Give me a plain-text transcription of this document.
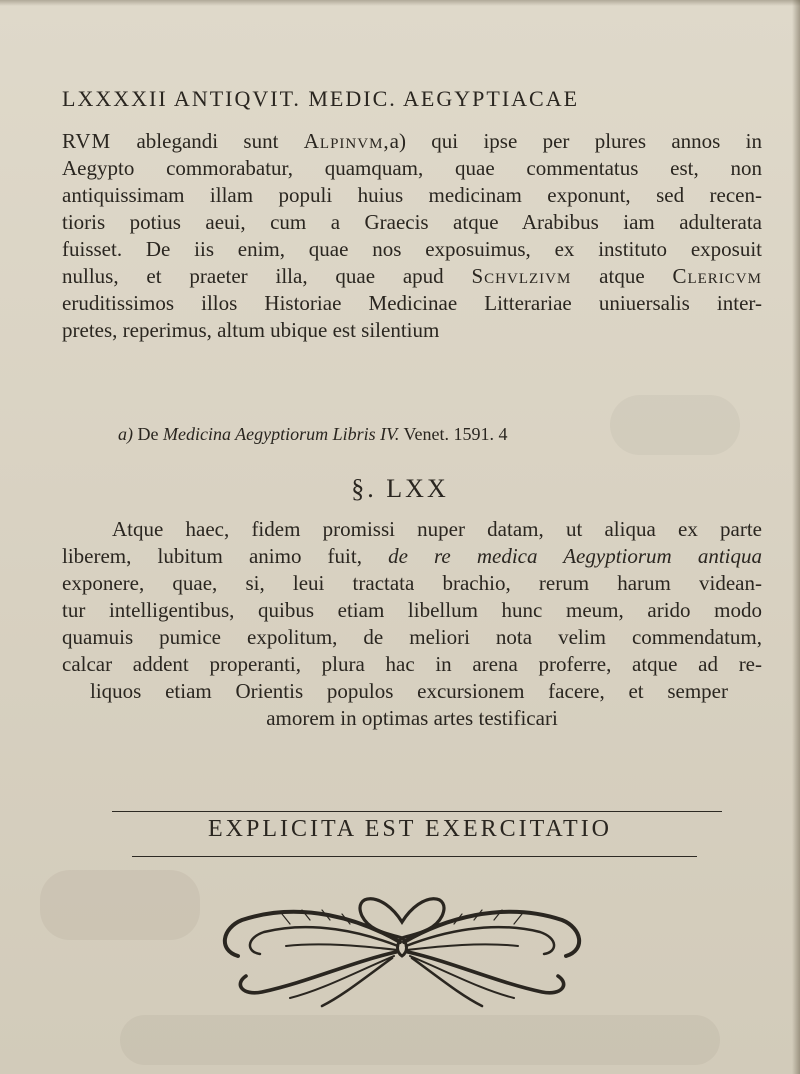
LXXXXII ANTIQVIT. MEDIC. AEGYPTIACAE
RVM ablegandi sunt Alpinvm,a) qui ipse per plures annos in
Aegypto commorabatur, quamquam, quae commentatus est, non
antiquissimam illam populi huius medicinam exponunt, sed recen-
tioris potius aeui, cum a Graecis atque Arabibus iam adulterata
fuisset. De iis enim, quae nos exposuimus, ex instituto exposuit
nullus, et praeter illa, quae apud Schvlzivm atque Clericvm
eruditissimos illos Historiae Medicinae Litterariae uniuersalis inter-
pretes, reperimus, altum ubique est silentium
a) De Medicina Aegyptiorum Libris IV. Venet. 1591. 4
§. LXX
Atque haec, fidem promissi nuper datam, ut aliqua ex parte
liberem, lubitum animo fuit, de re medica Aegyptiorum antiqua
exponere, quae, si, leui tractata brachio, rerum harum videan-
tur intelligentibus, quibus etiam libellum hunc meum, arido modo
quamuis pumice expolitum, de meliori nota velim commendatum,
calcar addent properanti, plura hac in arena proferre, atque ad re-
liquos etiam Orientis populos excursionem facere, et semper
amorem in optimas artes testificari
EXPLICITA EST EXERCITATIO
